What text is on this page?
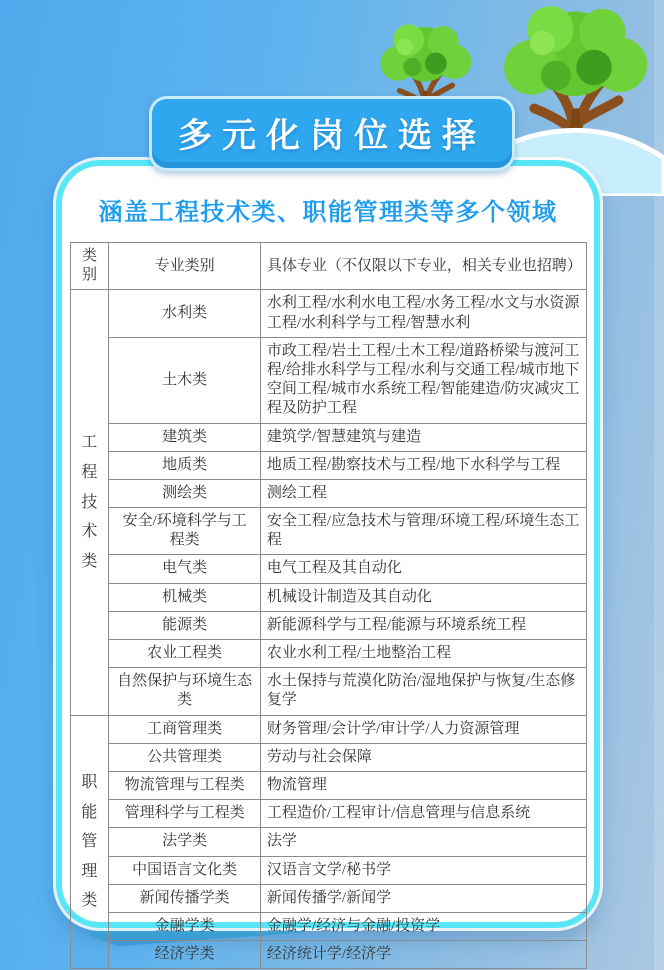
涵盖工程技术类、职能管理类等多个领域
类别	专业类别	具体专业（不仅限以下专业，相关专业也招聘）
工程技术类	水利类	水利工程/水利水电工程/水务工程/水文与水资源工程/水利科学与工程/智慧水利
	土木类	市政工程/岩土工程/土木工程/道路桥梁与渡河工程/给排水科学与工程/水利与交通工程/城市地下空间工程/城市水系统工程/智能建造/防灾减灾工程及防护工程
	建筑类	建筑学/智慧建筑与建造
	地质类	地质工程/勘察技术与工程/地下水科学与工程
	测绘类	测绘工程
	安全/环境科学与工程类	安全工程/应急技术与管理/环境工程/环境生态工程
	电气类	电气工程及其自动化
	机械类	机械设计制造及其自动化
	能源类	新能源科学与工程/能源与环境系统工程
	农业工程类	农业水利工程/土地整治工程
	自然保护与环境生态类	水土保持与荒漠化防治/湿地保护与恢复/生态修复学
职能管理类	工商管理类	财务管理/会计学/审计学/人力资源管理
	公共管理类	劳动与社会保障
	物流管理与工程类	物流管理
	管理科学与工程类	工程造价/工程审计/信息管理与信息系统
	法学类	法学
	中国语言文化类	汉语言文学/秘书学
	新闻传播学类	新闻传播学/新闻学
	金融学类	金融学/经济与金融/投资学
	经济学类	经济统计学/经济学
多元化岗位选择
